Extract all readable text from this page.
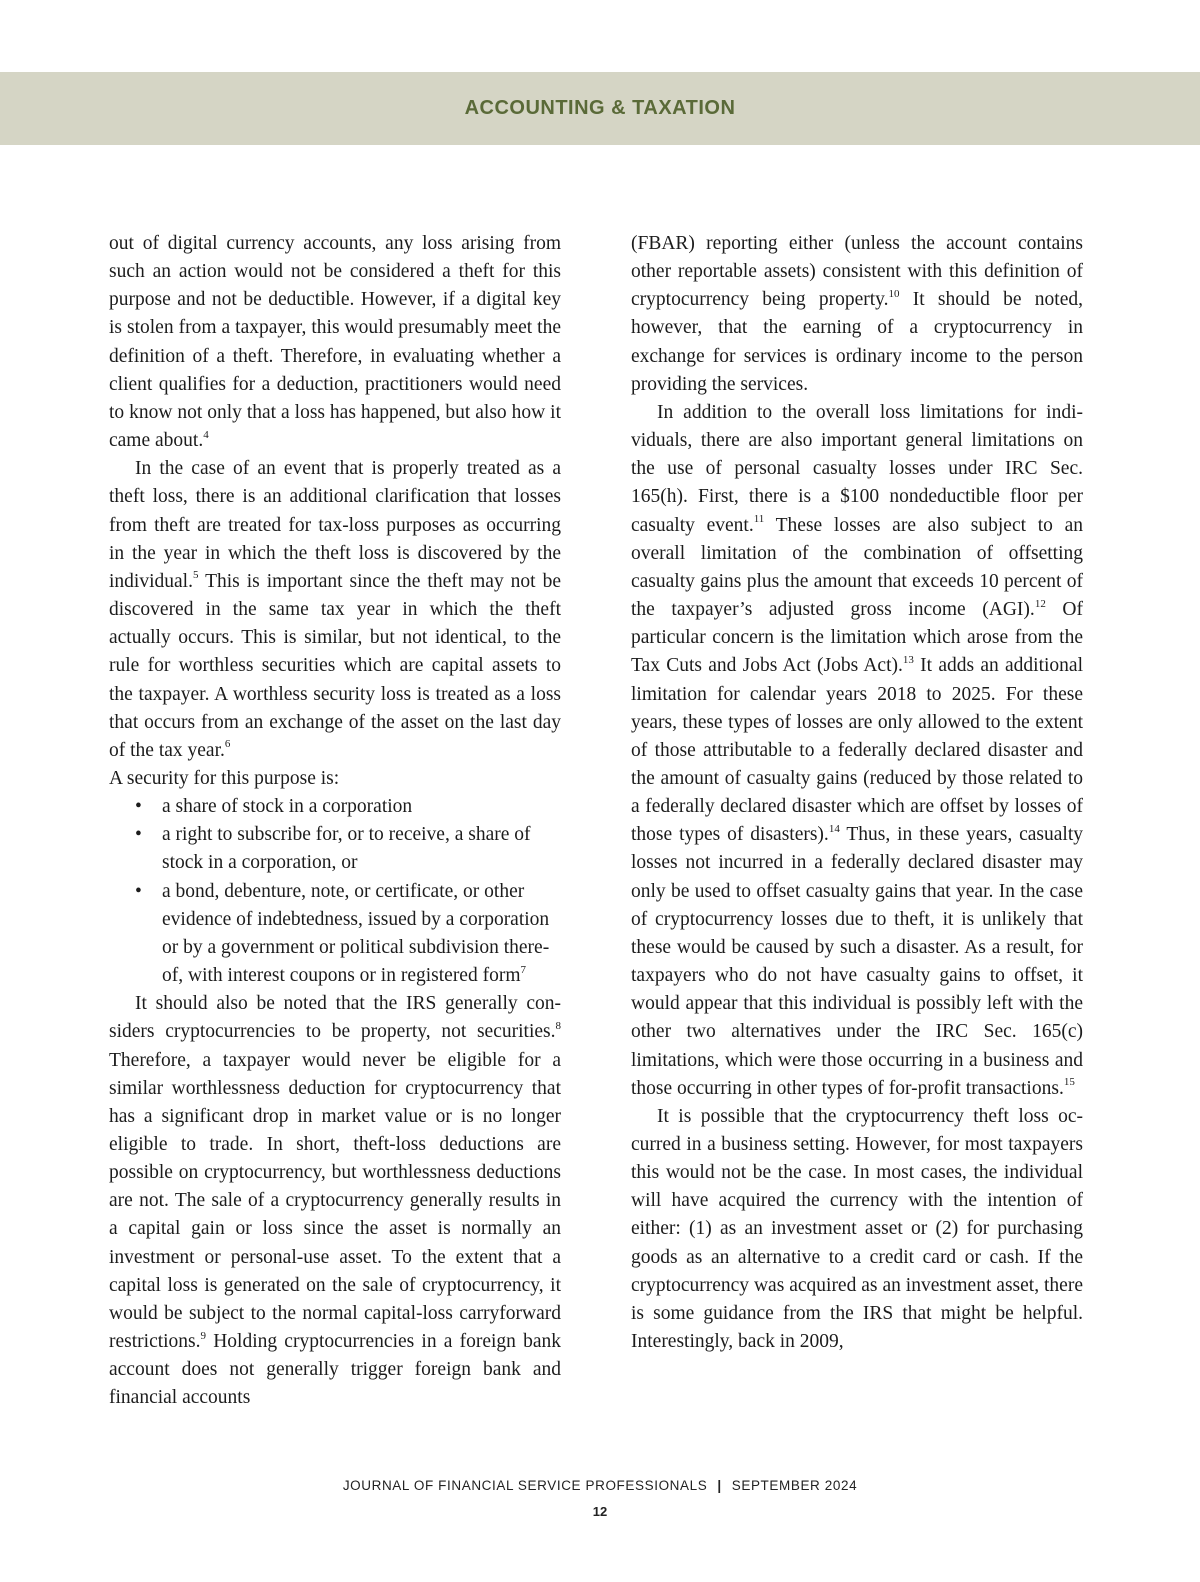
ACCOUNTING & TAXATION

out of digital currency accounts, any loss arising from such an action would not be considered a theft for this purpose and not be deductible. However, if a digital key is stolen from a taxpayer, this would presumably meet the definition of a theft. Therefore, in evaluating whether a client qualifies for a deduction, practitioners would need to know not only that a loss has happened, but also how it came about.$^4$

In the case of an event that is properly treated as a theft loss, there is an additional clarification that losses from theft are treated for tax-loss purposes as occurring in the year in which the theft loss is discovered by the individual.$^5$ This is important since the theft may not be discovered in the same tax year in which the theft actually occurs. This is similar, but not identical, to the rule for worthless securities which are capital assets to the taxpayer. A worthless security loss is treated as a loss that occurs from an exchange of the asset on the last day of the tax year.$^6$

A security for this purpose is:

• a share of stock in a corporation
• a right to subscribe for, or to receive, a share of stock in a corporation, or
• a bond, debenture, note, or certificate, or other evidence of indebtedness, issued by a corporation or by a government or political subdivision thereof, with interest coupons or in registered form$^7$

It should also be noted that the IRS generally considers cryptocurrencies to be property, not securities.$^8$ Therefore, a taxpayer would never be eligible for a similar worthlessness deduction for cryptocurrency that has a significant drop in market value or is no longer eligible to trade. In short, theft-loss deductions are possible on cryptocurrency, but worthlessness deductions are not. The sale of a cryptocurrency generally results in a capital gain or loss since the asset is normally an investment or personal-use asset. To the extent that a capital loss is generated on the sale of cryptocurrency, it would be subject to the normal capital-loss carryforward restrictions.$^9$ Holding cryptocurrencies in a foreign bank account does not generally trigger foreign bank and financial accounts

(FBAR) reporting either (unless the account contains other reportable assets) consistent with this definition of cryptocurrency being property.$^{10}$ It should be noted, however, that the earning of a cryptocurrency in exchange for services is ordinary income to the person providing the services.

In addition to the overall loss limitations for individuals, there are also important general limitations on the use of personal casualty losses under IRC Sec. 165(h). First, there is a $100 nondeductible floor per casualty event.$^{11}$ These losses are also subject to an overall limitation of the combination of offsetting casualty gains plus the amount that exceeds 10 percent of the taxpayer’s adjusted gross income (AGI).$^{12}$ Of particular concern is the limitation which arose from the Tax Cuts and Jobs Act (Jobs Act).$^{13}$ It adds an additional limitation for calendar years 2018 to 2025. For these years, these types of losses are only allowed to the extent of those attributable to a federally declared disaster and the amount of casualty gains (reduced by those related to a federally declared disaster which are offset by losses of those types of disasters).$^{14}$ Thus, in these years, casualty losses not incurred in a federally declared disaster may only be used to offset casualty gains that year. In the case of cryptocurrency losses due to theft, it is unlikely that these would be caused by such a disaster. As a result, for taxpayers who do not have casualty gains to offset, it would appear that this individual is possibly left with the other two alternatives under the IRC Sec. 165(c) limitations, which were those occurring in a business and those occurring in other types of for-profit transactions.$^{15}$

It is possible that the cryptocurrency theft loss occurred in a business setting. However, for most taxpayers this would not be the case. In most cases, the individual will have acquired the currency with the intention of either: (1) as an investment asset or (2) for purchasing goods as an alternative to a credit card or cash. If the cryptocurrency was acquired as an investment asset, there is some guidance from the IRS that might be helpful. Interestingly, back in 2009,

JOURNAL OF FINANCIAL SERVICE PROFESSIONALS | SEPTEMBER 2024
12
